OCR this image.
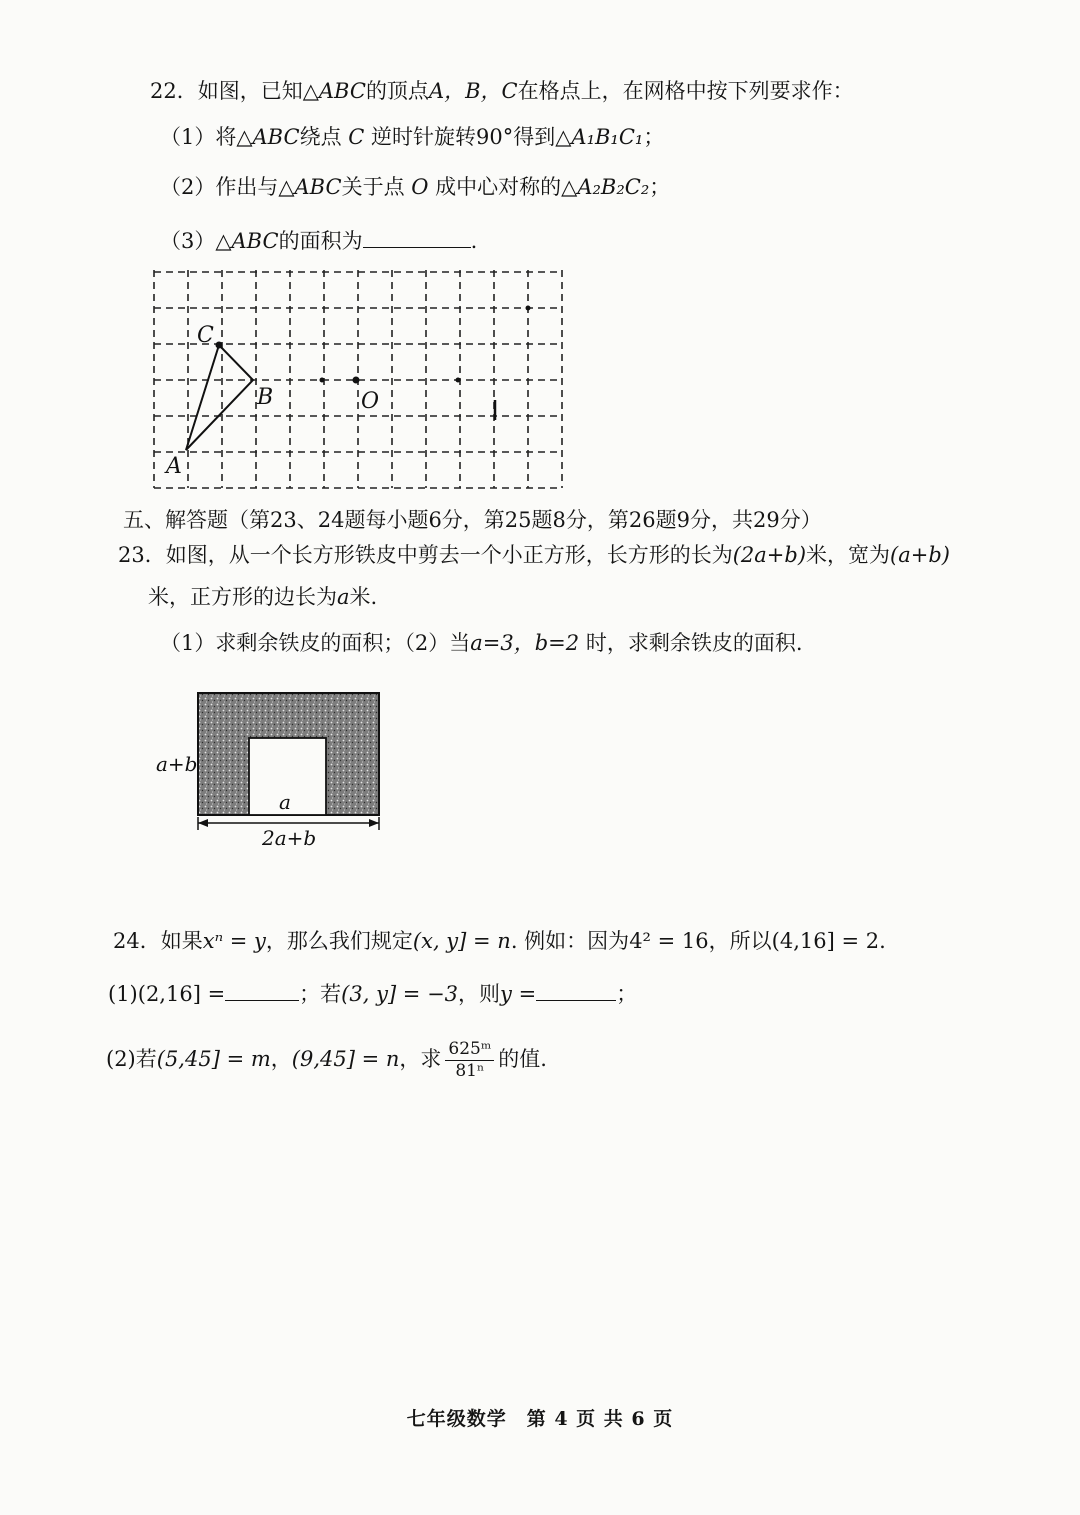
22．如图，已知△ABC的顶点A，B，C在格点上，在网格中按下列要求作：
（1）将△ABC绕点 C 逆时针旋转90°得到△A₁B₁C₁；
（2）作出与△ABC关于点 O 成中心对称的△A₂B₂C₂；
（3）△ABC的面积为	.
C
B	O
A
五、解答题（第23、24题每小题6分，第25题8分，第26题9分，共29分）
23．如图，从一个长方形铁皮中剪去一个小正方形，长方形的长为(2a+b)米，宽为(a+b)
米，正方形的边长为a米.
（1）求剩余铁皮的面积；（2）当a=3，b=2 时，求剩余铁皮的面积.
a+b
a
2a+b
24．如果xⁿ = y，那么我们规定(x, y] = n. 例如：因为4² = 16，所以(4,16] = 2.
(1)(2,16] =	；若(3, y] = −3，则y =	；
(2)若(5,45] = m，(9,45] = n，求 $\frac{\text{625ᵐ}}{\text{81ⁿ}}$ 的值.
七年级数学　第 4 页 共 6 页
